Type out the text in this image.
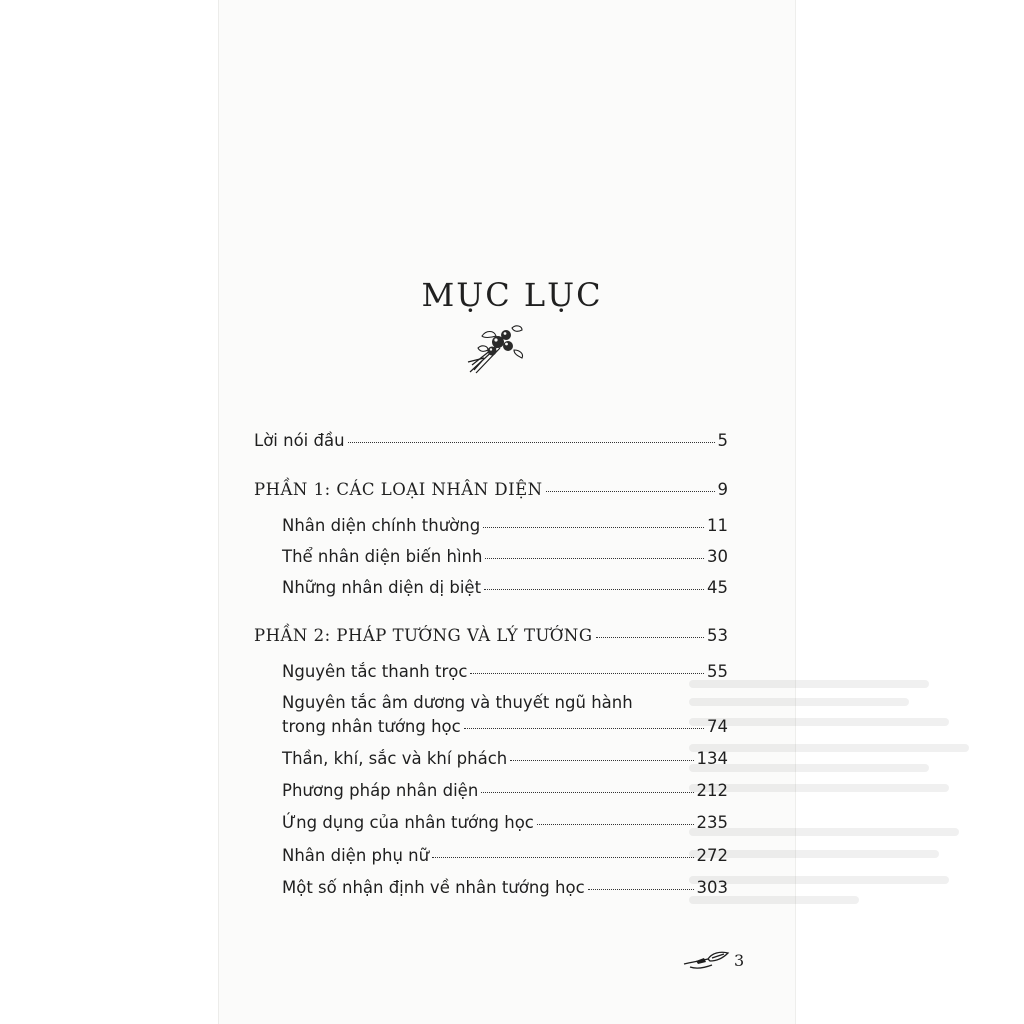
MỤC LỤC
Lời nói đầu	5
PHẦN 1: CÁC LOẠI NHÂN DIỆN	9
Nhân diện chính thường	11
Thể nhân diện biến hình	30
Những nhân diện dị biệt	45
PHẦN 2: PHÁP TƯỚNG VÀ LÝ TƯỚNG	53
Nguyên tắc thanh trọc	55
Nguyên tắc âm dương và thuyết ngũ hành
trong nhân tướng học	74
Thần, khí, sắc và khí phách	134
Phương pháp nhân diện	212
Ứng dụng của nhân tướng học	235
Nhân diện phụ nữ	272
Một số nhận định về nhân tướng học	303
3
